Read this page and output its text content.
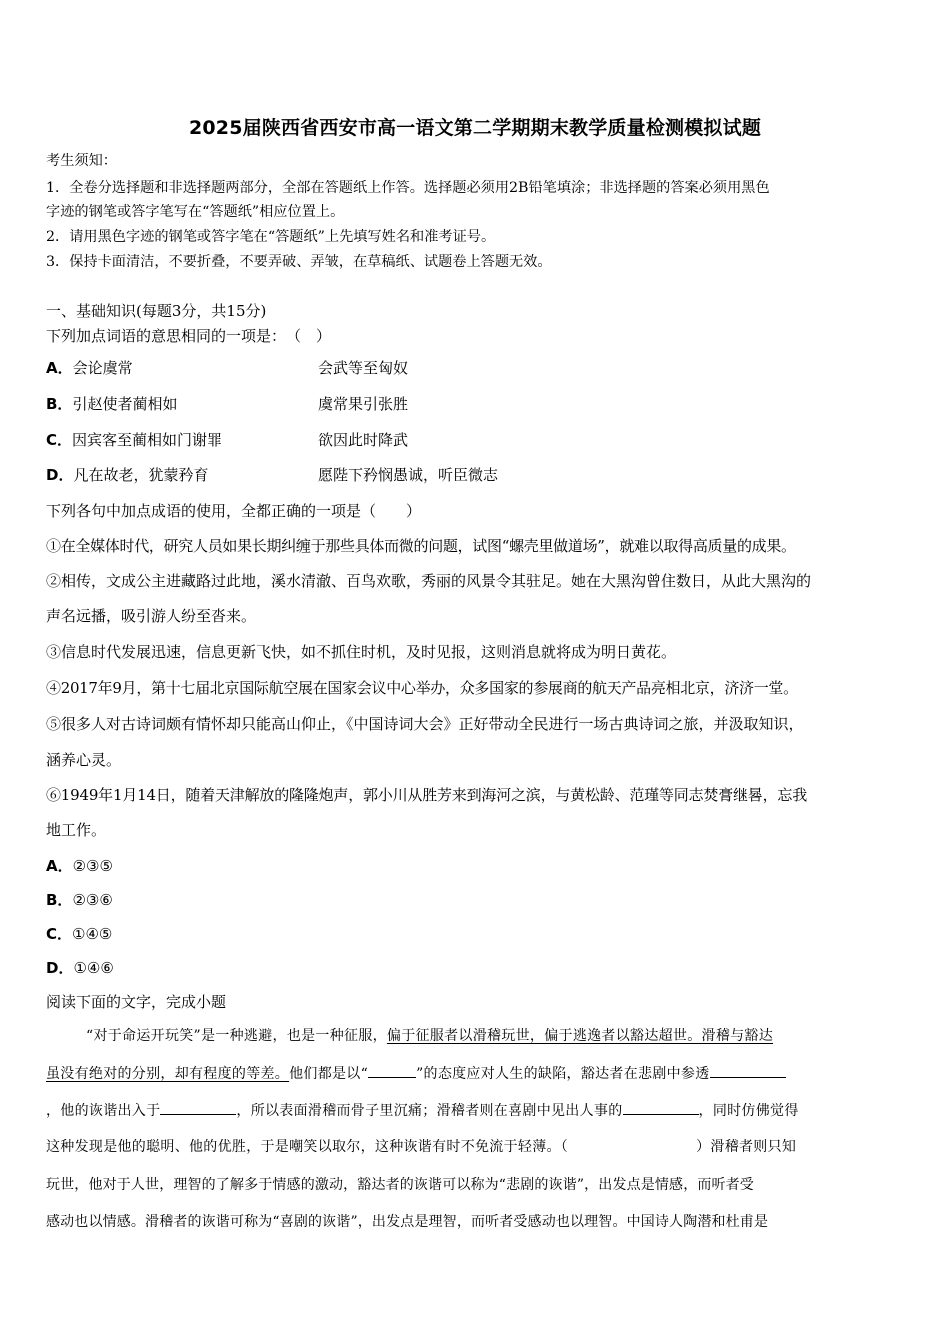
2025届陕西省西安市高一语文第二学期期末教学质量检测模拟试题
考生须知：
1．全卷分选择题和非选择题两部分，全部在答题纸上作答。选择题必须用2B铅笔填涂；非选择题的答案必须用黑色
字迹的钢笔或答字笔写在“答题纸”相应位置上。
2．请用黑色字迹的钢笔或答字笔在“答题纸”上先填写姓名和准考证号。
3．保持卡面清洁，不要折叠，不要弄破、弄皱，在草稿纸、试题卷上答题无效。
一、基础知识(每题3分，共15分)
下列加点词语的意思相同的一项是：　（　）
A．会论虞常	会武等至匈奴
B．引赵使者蔺相如	虞常果引张胜
C．因宾客至蔺相如门谢罪	欲因此时降武
D．凡在故老，犹蒙矜育	愿陛下矜悯愚诚，听臣微志
下列各句中加点成语的使用，全都正确的一项是（　　）
①在全媒体时代，研究人员如果长期纠缠于那些具体而微的问题，试图“螺壳里做道场”，就难以取得高质量的成果。
②相传，文成公主进藏路过此地，溪水清澈、百鸟欢歌，秀丽的风景令其驻足。她在大黑沟曾住数日，从此大黑沟的
声名远播，吸引游人纷至沓来。
③信息时代发展迅速，信息更新飞快，如不抓住时机，及时见报，这则消息就将成为明日黄花。
④2017年9月，第十七届北京国际航空展在国家会议中心举办，众多国家的参展商的航天产品亮相北京，济济一堂。
⑤很多人对古诗词颇有情怀却只能高山仰止，《中国诗词大会》正好带动全民进行一场古典诗词之旅，并汲取知识，
涵养心灵。
⑥1949年1月14日，随着天津解放的隆隆炮声，郭小川从胜芳来到海河之滨，与黄松龄、范瑾等同志焚膏继晷，忘我
地工作。
A．②③⑤
B．②③⑥
C．①④⑤
D．①④⑥
阅读下面的文字，完成小题
“对于命运开玩笑”是一种逃避，也是一种征服，偏于征服者以滑稽玩世，偏于逃逸者以豁达超世。滑稽与豁达
虽没有绝对的分别，却有程度的等差。他们都是以“	”的态度应对人生的缺陷，豁达者在悲剧中参透
，他的诙谐出入于	，所以表面滑稽而骨子里沉痛；滑稽者则在喜剧中见出人事的	，同时仿佛觉得
这种发现是他的聪明、他的优胜，于是嘲笑以取尔，这种诙谐有时不免流于轻薄。（	）滑稽者则只知
玩世，他对于人世，理智的了解多于情感的激动，豁达者的诙谐可以称为“悲剧的诙谐”，出发点是情感，而听者受
感动也以情感。滑稽者的诙谐可称为“喜剧的诙谐”，出发点是理智，而听者受感动也以理智。中国诗人陶潜和杜甫是
